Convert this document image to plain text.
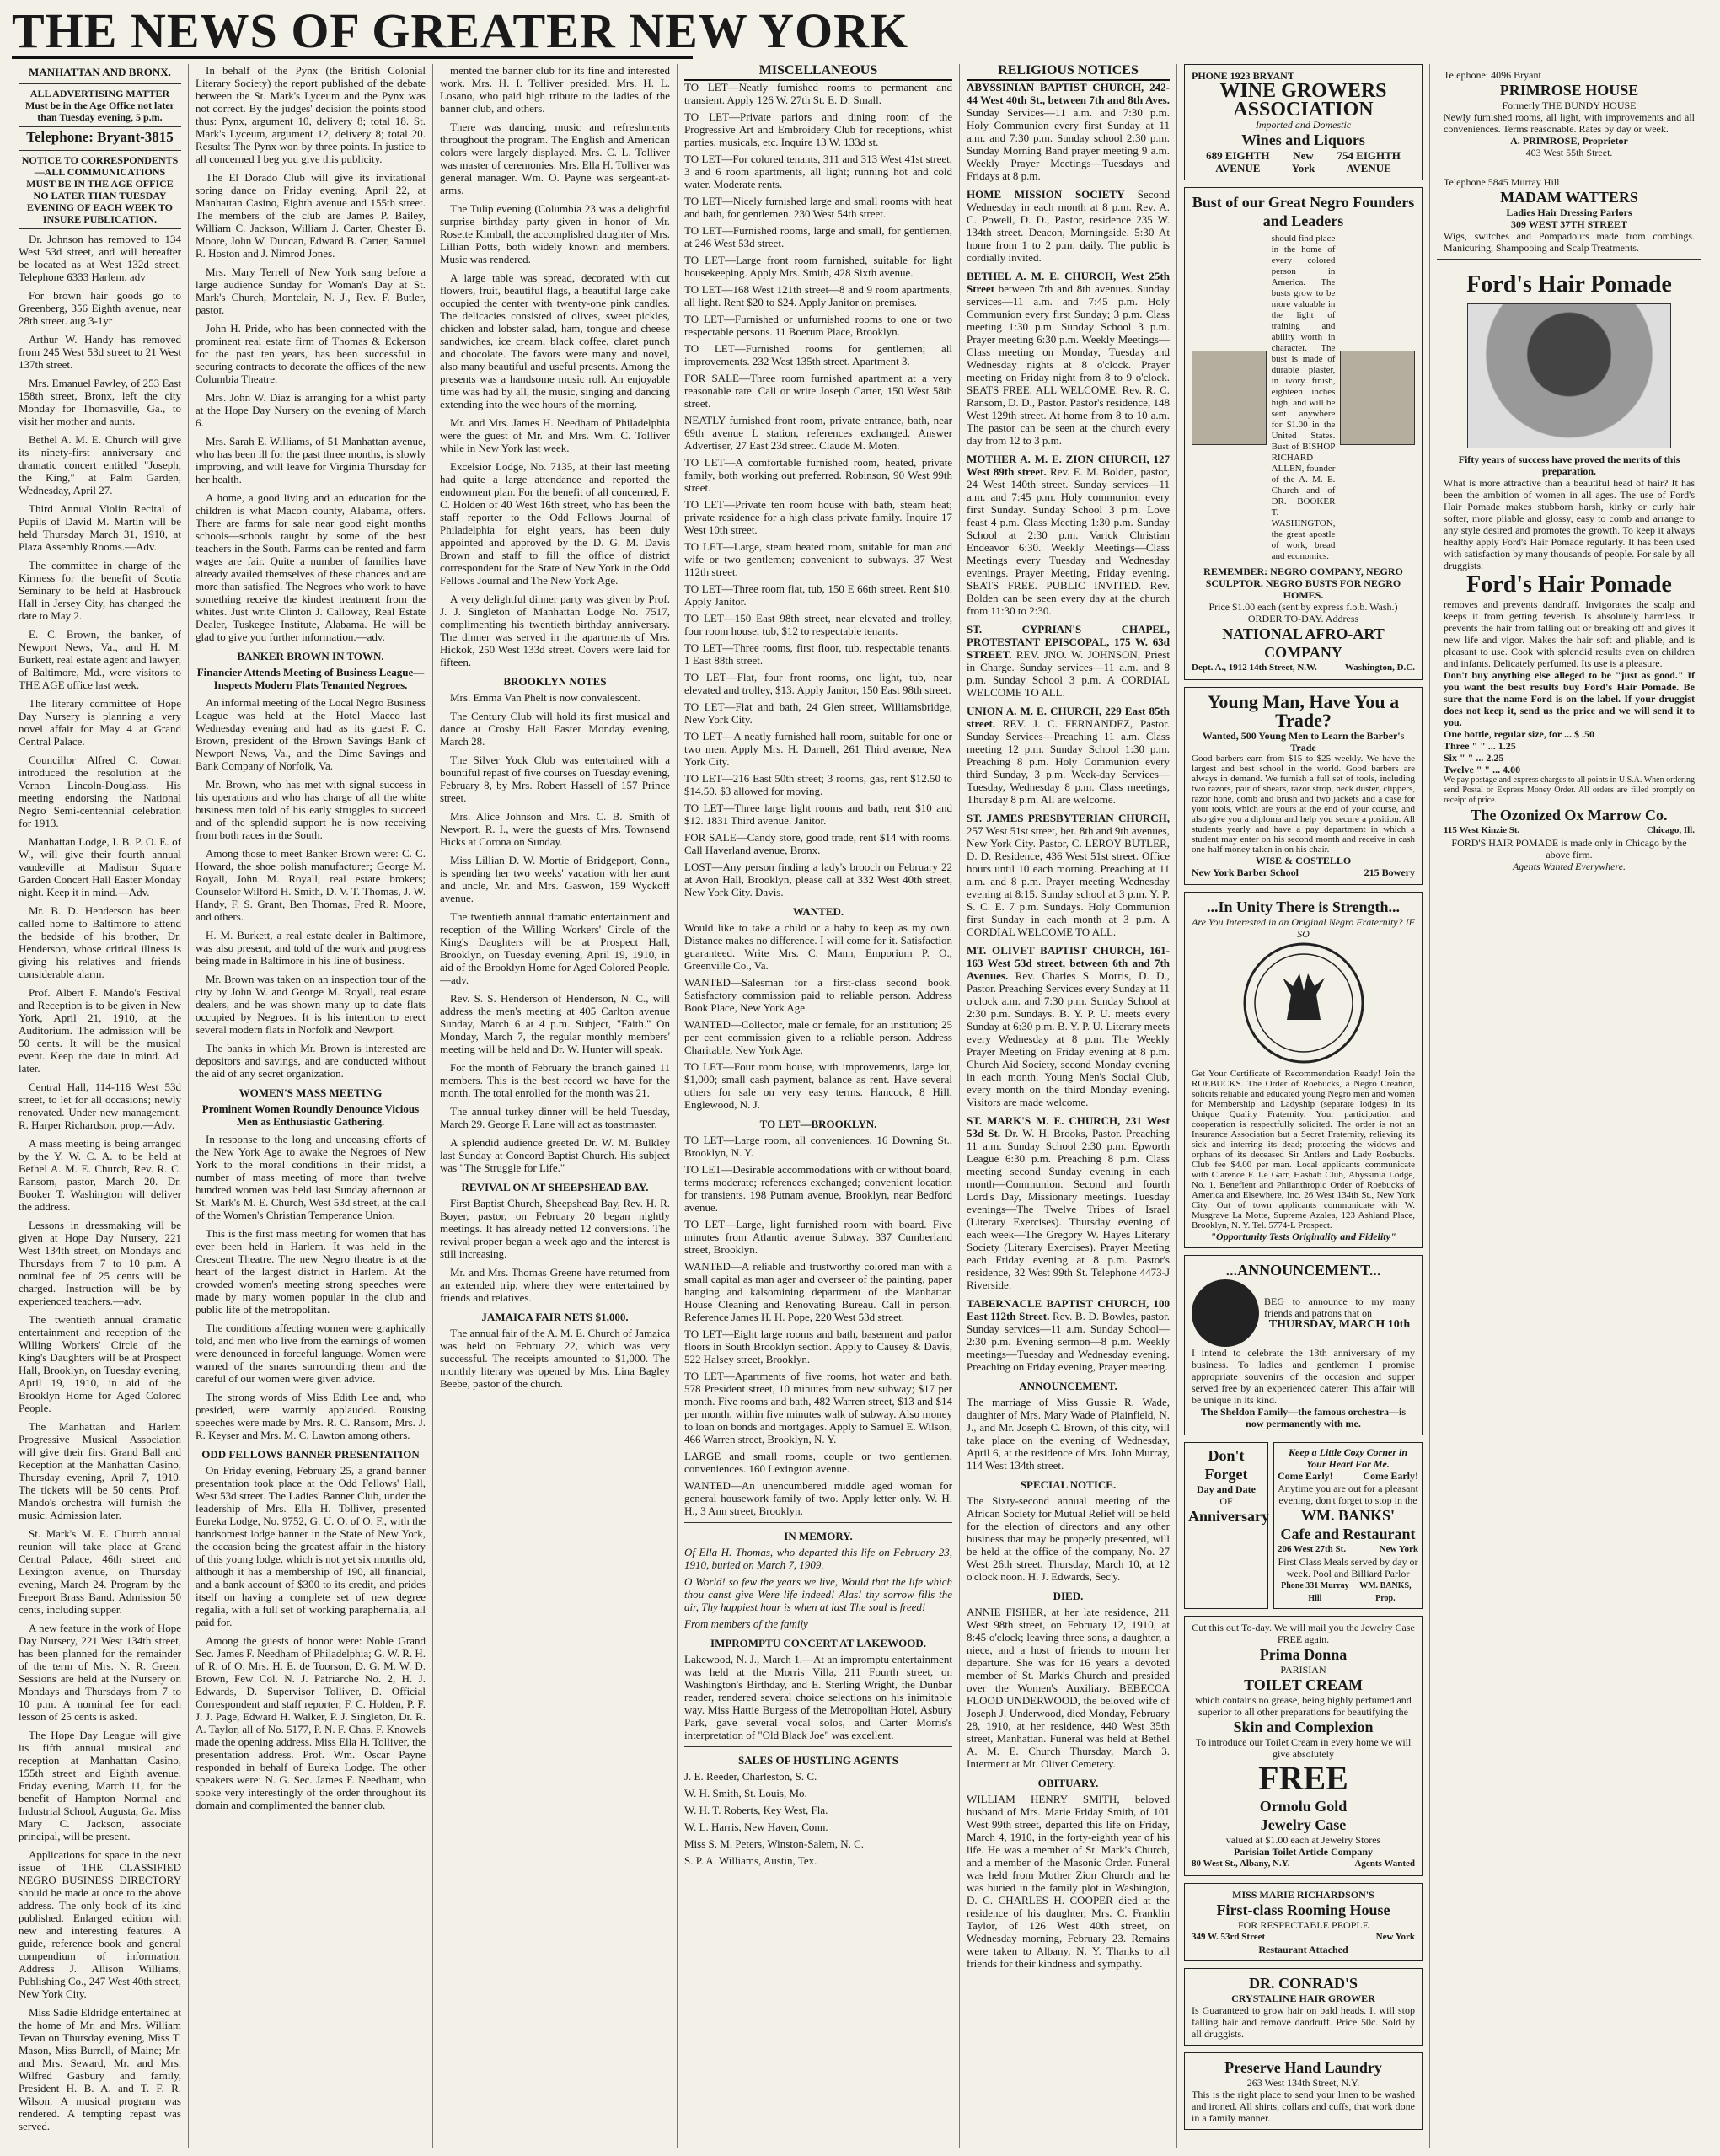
THE NEWS OF GREATER NEW YORK
MANHATTAN AND BRONX.
ALL ADVERTISING MATTER Must be in the Age Office not later than Tuesday evening, 5 p.m.
Telephone: Bryant-3815
NOTICE TO CORRESPONDENTS—ALL COMMUNICATIONS MUST BE IN THE AGE OFFICE NO LATER THAN TUESDAY EVENING OF EACH WEEK TO INSURE PUBLICATION.

Dr. Johnson has removed to 134 West 53d street, and will hereafter be located as at West 132d street. Telephone 6333 Harlem. adv

For brown hair goods go to Greenberg, 356 Eighth avenue, near 28th street. aug 3-1yr

Arthur W. Handy has removed from 245 West 53d street to 21 West 137th street.

Mrs. Emanuel Pawley, of 253 East 158th street, Bronx, left the city Monday for Thomasville, Ga., to visit her mother and aunts.

Bethel A. M. E. Church will give its ninety-first anniversary and dramatic concert entitled "Joseph, the King," at Palm Garden, Wednesday, April 27.

Third Annual Violin Recital of Pupils of David M. Martin will be held Thursday March 31, 1910, at Plaza Assembly Rooms.—Adv.

The committee in charge of the Kirmess for the benefit of Scotia Seminary to be held at Hasbrouck Hall in Jersey City, has changed the date to May 2.

E. C. Brown, the banker, of Newport News, Va., and H. M. Burkett, real estate agent and lawyer, of Baltimore, Md., were visitors to THE AGE office last week.

The literary committee of Hope Day Nursery is planning a very novel affair for May 4 at Grand Central Palace.

Councillor Alfred C. Cowan introduced the resolution at the Vernon Lincoln-Douglass. His meeting endorsing the National Negro Semi-centennial celebration for 1913.

Manhattan Lodge, I. B. P. O. E. of W., will give their fourth annual vaudeville at Madison Square Garden Concert Hall Easter Monday night. Keep it in mind.—Adv.

Mr. B. D. Henderson has been called home to Baltimore to attend the bedside of his brother, Dr. Henderson, whose critical illness is giving his relatives and friends considerable alarm.

Prof. Albert F. Mando's Festival and Reception is to be given in New York, April 21, 1910, at the Auditorium. The admission will be 50 cents. It will be the musical event. Keep the date in mind. Ad. later.

Central Hall, 114-116 West 53d street, to let for all occasions; newly renovated. Under new management. R. Harper Richardson, prop.—Adv.

A mass meeting is being arranged by the Y. W. C. A. to be held at Bethel A. M. E. Church, Rev. R. C. Ransom, pastor, March 20. Dr. Booker T. Washington will deliver the address.

Lessons in dressmaking will be given at Hope Day Nursery, 221 West 134th street, on Mondays and Thursdays from 7 to 10 p.m. A nominal fee of 25 cents will be charged. Instruction will be by experienced teachers.—adv.

The twentieth annual dramatic entertainment and reception of the Willing Workers' Circle of the King's Daughters will be at Prospect Hall, Brooklyn, on Tuesday evening, April 19, 1910, in aid of the Brooklyn Home for Aged Colored People.

The Manhattan and Harlem Progressive Musical Association will give their first Grand Ball and Reception at the Manhattan Casino, Thursday evening, April 7, 1910. The tickets will be 50 cents. Prof. Mando's orchestra will furnish the music. Admission later.

St. Mark's M. E. Church annual reunion will take place at Grand Central Palace, 46th street and Lexington avenue, on Thursday evening, March 24. Program by the Freeport Brass Band. Admission 50 cents, including supper.

A new feature in the work of Hope Day Nursery, 221 West 134th street, has been planned for the remainder of the term of Mrs. N. R. Green. Sessions are held at the Nursery on Mondays and Thursdays from 7 to 10 p.m. A nominal fee for each lesson of 25 cents is asked.

The Hope Day League will give its fifth annual musical and reception at Manhattan Casino, 155th street and Eighth avenue, Friday evening, March 11, for the benefit of Hampton Normal and Industrial School, Augusta, Ga. Miss Mary C. Jackson, associate principal, will be present.

Applications for space in the next issue of THE CLASSIFIED NEGRO BUSINESS DIRECTORY should be made at once to the above address. The only book of its kind published. Enlarged edition with new and interesting features. A guide, reference book and general compendium of information. Address J. Allison Williams, Publishing Co., 247 West 40th street, New York City.

Miss Sadie Eldridge entertained at the home of Mr. and Mrs. William Tevan on Thursday evening, Miss T. Mason, Miss Burrell, of Maine; Mr. and Mrs. Seward, Mr. and Mrs. Wilfred Gasbury and family, President H. B. A. and T. F. R. Wilson. A musical program was rendered. A tempting repast was served.

In behalf of the Pynx (the British Colonial Literary Society) the report published of the debate between the St. Mark's Lyceum and the Pynx was not correct. By the judges' decision the points stood thus: Pynx, argument 10, delivery 8; total 18. St. Mark's Lyceum, argument 12, delivery 8; total 20. Results: The Pynx won by three points. In justice to all concerned I beg you give this publicity.

The El Dorado Club will give its invitational spring dance on Friday evening, April 22, at Manhattan Casino, Eighth avenue and 155th street. The members of the club are James P. Bailey, William C. Jackson, William J. Carter, Chester B. Moore, John W. Duncan, Edward B. Carter, Samuel R. Hoston and J. Nimrod Jones.

Mrs. Mary Terrell of New York sang before a large audience Sunday for Woman's Day at St. Mark's Church, Montclair, N. J., Rev. F. Butler, pastor.

John H. Pride, who has been connected with the prominent real estate firm of Thomas & Eckerson for the past ten years, has been successful in securing contracts to decorate the offices of the new Columbia Theatre.

Mrs. John W. Diaz is arranging for a whist party at the Hope Day Nursery on the evening of March 6.

Mrs. Sarah E. Williams, of 51 Manhattan avenue, who has been ill for the past three months, is slowly improving, and will leave for Virginia Thursday for her health.

A home, a good living and an education for the children is what Macon county, Alabama, offers. There are farms for sale near good eight months schools—schools taught by some of the best teachers in the South. Farms can be rented and farm wages are fair. Quite a number of families have already availed themselves of these chances and are more than satisfied. The Negroes who work to have something receive the kindest treatment from the whites. Just write Clinton J. Calloway, Real Estate Dealer, Tuskegee Institute, Alabama. He will be glad to give you further information.—adv.

BANKER BROWN IN TOWN.
Financier Attends Meeting of Business League—Inspects Modern Flats Tenanted Negroes.

An informal meeting of the Local Negro Business League was held at the Hotel Maceo last Wednesday evening and had as its guest F. C. Brown, president of the Brown Savings Bank of Newport News, Va., and the Dime Savings and Bank Company of Norfolk, Va.

Mr. Brown, who has met with signal success in his operations and who has charge of all the white business men told of his early struggles to succeed and of the splendid support he is now receiving from both races in the South.

Among those to meet Banker Brown were: C. C. Howard, the shoe polish manufacturer; George M. Royall, John M. Royall, real estate brokers; Counselor Wilford H. Smith, D. V. T. Thomas, J. W. Handy, F. S. Grant, Ben Thomas, Fred R. Moore, and others.

H. M. Burkett, a real estate dealer in Baltimore, was also present, and told of the work and progress being made in Baltimore in his line of business.

Mr. Brown was taken on an inspection tour of the city by John W. and George M. Royall, real estate dealers, and he was shown many up to date flats occupied by Negroes. It is his intention to erect several modern flats in Norfolk and Newport.

The banks in which Mr. Brown is interested are depositors and savings, and are conducted without the aid of any secret organization.

WOMEN'S MASS MEETING
Prominent Women Roundly Denounce Vicious Men as Enthusiastic Gathering.

In response to the long and unceasing efforts of the New York Age to awake the Negroes of New York to the moral conditions in their midst, a number of mass meeting of more than twelve hundred women was held last Sunday afternoon at St. Mark's M. E. Church, West 53d street, at the call of the Women's Christian Temperance Union.

This is the first mass meeting for women that has ever been held in Harlem. It was held in the Crescent Theatre. The new Negro theatre is at the heart of the largest district in Harlem. At the crowded women's meeting strong speeches were made by many women popular in the club and public life of the metropolitan.

The conditions affecting women were graphically told, and men who live from the earnings of women were denounced in forceful language. Women were warned of the snares surrounding them and the careful of our women were given advice.

The strong words of Miss Edith Lee and, who presided, were warmly applauded. Rousing speeches were made by Mrs. R. C. Ransom, Mrs. J. R. Keyser and Mrs. M. C. Lawton among others.

ODD FELLOWS BANNER PRESENTATION

On Friday evening, February 25, a grand banner presentation took place at the Odd Fellows' Hall, West 53d street. The Ladies' Banner Club, under the leadership of Mrs. Ella H. Tolliver, presented Eureka Lodge, No. 9752, G. U. O. of O. F., with the handsomest lodge banner in the State of New York, the occasion being the greatest affair in the history of this young lodge, which is not yet six months old, although it has a membership of 190, all financial, and a bank account of $300 to its credit, and prides itself on having a complete set of new degree regalia, with a full set of working paraphernalia, all paid for.

Among the guests of honor were: Noble Grand Sec. James F. Needham of Philadelphia; G. W. R. H. of R. of O. Mrs. H. E. de Toorson, D. G. M. W. D. Brown, Few Col. N. J. Patriarche No. 2, H. J. Edwards, D. Supervisor Tolliver, D. Official Correspondent and staff reporter, F. C. Holden, P. F. J. J. Page, Edward H. Walker, P. J. Singleton, Dr. R. A. Taylor, all of No. 5177, P. N. F. Chas. F. Knowels made the opening address. Miss Ella H. Tolliver, the presentation address. Prof. Wm. Oscar Payne responded in behalf of Eureka Lodge. The other speakers were: N. G. Sec. James F. Needham, who spoke very interestingly of the order throughout its domain and complimented the banner club.

mented the banner club for its fine and interested work. Mrs. H. I. Tolliver presided. Mrs. H. L. Losano, who paid high tribute to the ladies of the banner club, and others.

There was dancing, music and refreshments throughout the program. The English and American colors were largely displayed. Mrs. C. L. Tolliver was master of ceremonies. Mrs. Ella H. Tolliver was general manager. Wm. O. Payne was sergeant-at-arms.

The Tulip evening (Columbia 23 was a delightful surprise birthday party given in honor of Mr. Rosette Kimball, the accomplished daughter of Mrs. Lillian Potts, both widely known and members. Music was rendered.

A large table was spread, decorated with cut flowers, fruit, beautiful flags, a beautiful large cake occupied the center with twenty-one pink candles. The delicacies consisted of olives, sweet pickles, chicken and lobster salad, ham, tongue and cheese sandwiches, ice cream, black coffee, claret punch and chocolate. The favors were many and novel, also many beautiful and useful presents. Among the presents was a handsome music roll. An enjoyable time was had by all, the music, singing and dancing extending into the wee hours of the morning.

Mr. and Mrs. James H. Needham of Philadelphia were the guest of Mr. and Mrs. Wm. C. Tolliver while in New York last week.

Excelsior Lodge, No. 7135, at their last meeting had quite a large attendance and reported the endowment plan. For the benefit of all concerned, F. C. Holden of 40 West 16th street, who has been the staff reporter to the Odd Fellows Journal of Philadelphia for eight years, has been duly appointed and approved by the D. G. M. Davis Brown and staff to fill the office of district correspondent for the State of New York in the Odd Fellows Journal and The New York Age.

A very delightful dinner party was given by Prof. J. J. Singleton of Manhattan Lodge No. 7517, complimenting his twentieth birthday anniversary. The dinner was served in the apartments of Mrs. Hickok, 250 West 133d street. Covers were laid for fifteen.

BROOKLYN NOTES

Mrs. Emma Van Phelt is now convalescent.

The Century Club will hold its first musical and dance at Crosby Hall Easter Monday evening, March 28.

The Silver Yock Club was entertained with a bountiful repast of five courses on Tuesday evening, February 8, by Mrs. Robert Hassell of 157 Prince street.

Mrs. Alice Johnson and Mrs. C. B. Smith of Newport, R. I., were the guests of Mrs. Townsend Hicks at Corona on Sunday.

Miss Lillian D. W. Mortie of Bridgeport, Conn., is spending her two weeks' vacation with her aunt and uncle, Mr. and Mrs. Gaswon, 159 Wyckoff avenue.

The twentieth annual dramatic entertainment and reception of the Willing Workers' Circle of the King's Daughters will be at Prospect Hall, Brooklyn, on Tuesday evening, April 19, 1910, in aid of the Brooklyn Home for Aged Colored People.—adv.

Rev. S. S. Henderson of Henderson, N. C., will address the men's meeting at 405 Carlton avenue Sunday, March 6 at 4 p.m. Subject, "Faith." On Monday, March 7, the regular monthly members' meeting will be held and Dr. W. Hunter will speak.

For the month of February the branch gained 11 members. This is the best record we have for the month. The total enrolled for the month was 21.

The annual turkey dinner will be held Tuesday, March 29. George F. Lane will act as toastmaster.

A splendid audience greeted Dr. W. M. Bulkley last Sunday at Concord Baptist Church. His subject was "The Struggle for Life."

REVIVAL ON AT SHEEPSHEAD BAY.

First Baptist Church, Sheepshead Bay, Rev. H. R. Boyer, pastor, on February 20 began nightly meetings. It has already netted 12 conversions. The revival proper began a week ago and the interest is still increasing.

Mr. and Mrs. Thomas Greene have returned from an extended trip, where they were entertained by friends and relatives.

JAMAICA FAIR NETS $1,000.

The annual fair of the A. M. E. Church of Jamaica was held on February 22, which was very successful. The receipts amounted to $1,000. The monthly literary was opened by Mrs. Lina Bagley Beebe, pastor of the church.

MISCELLANEOUS

TO LET—Neatly furnished rooms to permanent and transient. Apply 126 W. 27th St. E. D. Small.

TO LET—Private parlors and dining room of the Progressive Art and Embroidery Club for receptions, whist parties, musicals, etc. Inquire 13 W. 133d st.

TO LET—For colored tenants, 311 and 313 West 41st street, 3 and 6 room apartments, all light; running hot and cold water. Moderate rents.

TO LET—Nicely furnished large and small rooms with heat and bath, for gentlemen. 230 West 54th street.

TO LET—Furnished rooms, large and small, for gentlemen, at 246 West 53d street.

TO LET—Large front room furnished, suitable for light housekeeping. Apply Mrs. Smith, 428 Sixth avenue.

TO LET—168 West 121th street—8 and 9 room apartments, all light. Rent $20 to $24. Apply Janitor on premises.

TO LET—Furnished or unfurnished rooms to one or two respectable persons. 11 Boerum Place, Brooklyn.

TO LET—Furnished rooms for gentlemen; all improvements. 232 West 135th street. Apartment 3.

FOR SALE—Three room furnished apartment at a very reasonable rate. Call or write Joseph Carter, 150 West 58th street.

NEATLY furnished front room, private entrance, bath, near 69th avenue L station, references exchanged. Answer Advertiser, 27 East 23d street. Claude M. Moten.

TO LET—A comfortable furnished room, heated, private family, both working out preferred. Robinson, 90 West 99th street.

TO LET—Private ten room house with bath, steam heat; private residence for a high class private family. Inquire 17 West 10th street.

TO LET—Large, steam heated room, suitable for man and wife or two gentlemen; convenient to subways. 37 West 112th street.

TO LET—Three room flat, tub, 150 E 66th street. Rent $10. Apply Janitor.

TO LET—150 East 98th street, near elevated and trolley, four room house, tub, $12 to respectable tenants.

TO LET—Three rooms, first floor, tub, respectable tenants. 1 East 88th street.

TO LET—Flat, four front rooms, one light, tub, near elevated and trolley, $13. Apply Janitor, 150 East 98th street.

TO LET—Flat and bath, 24 Glen street, Williamsbridge, New York City.

TO LET—A neatly furnished hall room, suitable for one or two men. Apply Mrs. H. Darnell, 261 Third avenue, New York City.

TO LET—216 East 50th street; 3 rooms, gas, rent $12.50 to $14.50. $3 allowed for moving.

TO LET—Three large light rooms and bath, rent $10 and $12. 1831 Third avenue. Janitor.

FOR SALE—Candy store, good trade, rent $14 with rooms. Call Haverland avenue, Bronx.

LOST—Any person finding a lady's brooch on February 22 at Avon Hall, Brooklyn, please call at 332 West 40th street, New York City. Davis.

WANTED.

Would like to take a child or a baby to keep as my own. Distance makes no difference. I will come for it. Satisfaction guaranteed. Write Mrs. C. Mann, Emporium P. O., Greenville Co., Va.

WANTED—Salesman for a first-class second book. Satisfactory commission paid to reliable person. Address Book Place, New York Age.

WANTED—Collector, male or female, for an institution; 25 per cent commission given to a reliable person. Address Charitable, New York Age.

TO LET—Four room house, with improvements, large lot, $1,000; small cash payment, balance as rent. Have several others for sale on very easy terms. Hancock, 8 Hill, Englewood, N. J.

TO LET—BROOKLYN.

TO LET—Large room, all conveniences, 16 Downing St., Brooklyn, N. Y.

TO LET—Desirable accommodations with or without board, terms moderate; references exchanged; convenient location for transients. 198 Putnam avenue, Brooklyn, near Bedford avenue.

TO LET—Large, light furnished room with board. Five minutes from Atlantic avenue Subway. 337 Cumberland street, Brooklyn.

WANTED—A reliable and trustworthy colored man with a small capital as man ager and overseer of the painting, paper hanging and kalsomining department of the Manhattan House Cleaning and Renovating Bureau. Call in person. Reference James H. H. Pope, 220 West 53d street.

TO LET—Eight large rooms and bath, basement and parlor floors in South Brooklyn section. Apply to Causey & Davis, 522 Halsey street, Brooklyn.

TO LET—Apartments of five rooms, hot water and bath, 578 President street, 10 minutes from new subway; $17 per month. Five rooms and bath, 482 Warren street, $13 and $14 per month, within five minutes walk of subway. Also money to loan on bonds and mortgages. Apply to Samuel E. Wilson, 466 Warren street, Brooklyn, N. Y.

LARGE and small rooms, couple or two gentlemen, conveniences. 160 Lexington avenue.

WANTED—An unencumbered middle aged woman for general housework family of two. Apply letter only. W. H. H., 3 Ann street, Brooklyn.

IN MEMORY.

Of Ella H. Thomas, who departed this life on February 23, 1910, buried on March 7, 1909.

O World! so few the years we live, Would that the life which thou canst give Were life indeed! Alas! thy sorrow fills the air, Thy happiest hour is when at last The soul is freed!

From members of the family

IMPROMPTU CONCERT AT LAKEWOOD.

Lakewood, N. J., March 1.—At an impromptu entertainment was held at the Morris Villa, 211 Fourth street, on Washington's Birthday, and E. Sterling Wright, the Dunbar reader, rendered several choice selections on his inimitable way. Miss Hattie Burgess of the Metropolitan Hotel, Asbury Park, gave several vocal solos, and Carter Morris's interpretation of "Old Black Joe" was excellent.

SALES OF HUSTLING AGENTS

J. E. Reeder, Charleston, S. C.

W. H. Smith, St. Louis, Mo.

W. H. T. Roberts, Key West, Fla.

W. L. Harris, New Haven, Conn.

Miss S. M. Peters, Winston-Salem, N. C.

S. P. A. Williams, Austin, Tex.

RELIGIOUS NOTICES

ABYSSINIAN BAPTIST CHURCH, 242-44 West 40th St., between 7th and 8th Aves. Sunday Services—11 a.m. and 7:30 p.m. Holy Communion every first Sunday at 11 a.m. and 7:30 p.m. Sunday school 2:30 p.m. Sunday Morning Band prayer meeting 9 a.m. Weekly Prayer Meetings—Tuesdays and Fridays at 8 p.m.

HOME MISSION SOCIETY Second Wednesday in each month at 8 p.m. Rev. A. C. Powell, D. D., Pastor, residence 235 W. 134th street. Deacon, Morningside. 5:30 At home from 1 to 2 p.m. daily. The public is cordially invited.

BETHEL A. M. E. CHURCH, West 25th Street between 7th and 8th avenues. Sunday services—11 a.m. and 7:45 p.m. Holy Communion every first Sunday; 3 p.m. Class meeting 1:30 p.m. Sunday School 3 p.m. Prayer meeting 6:30 p.m. Weekly Meetings—Class meeting on Monday, Tuesday and Wednesday nights at 8 o'clock. Prayer meeting on Friday night from 8 to 9 o'clock. SEATS FREE. ALL WELCOME. Rev. R. C. Ransom, D. D., Pastor. Pastor's residence, 148 West 129th street. At home from 8 to 10 a.m. The pastor can be seen at the church every day from 12 to 3 p.m.

MOTHER A. M. E. ZION CHURCH, 127 West 89th street. Rev. E. M. Bolden, pastor, 24 West 140th street. Sunday services—11 a.m. and 7:45 p.m. Holy communion every first Sunday. Sunday School 3 p.m. Love feast 4 p.m. Class Meeting 1:30 p.m. Sunday School at 2:30 p.m. Varick Christian Endeavor 6:30. Weekly Meetings—Class Meetings every Tuesday and Wednesday evenings. Prayer Meeting, Friday evening. SEATS FREE. PUBLIC INVITED. Rev. Bolden can be seen every day at the church from 11:30 to 2:30.

ST. CYPRIAN'S CHAPEL, PROTESTANT EPISCOPAL, 175 W. 63d STREET. REV. JNO. W. JOHNSON, Priest in Charge. Sunday services—11 a.m. and 8 p.m. Sunday School 3 p.m. A CORDIAL WELCOME TO ALL.

UNION A. M. E. CHURCH, 229 East 85th street. REV. J. C. FERNANDEZ, Pastor. Sunday Services—Preaching 11 a.m. Class meeting 12 p.m. Sunday School 1:30 p.m. Preaching 8 p.m. Holy Communion every third Sunday, 3 p.m. Week-day Services—Tuesday, Wednesday 8 p.m. Class meetings, Thursday 8 p.m. All are welcome.

ST. JAMES PRESBYTERIAN CHURCH, 257 West 51st street, bet. 8th and 9th avenues, New York City. Pastor, C. LEROY BUTLER, D. D. Residence, 436 West 51st street. Office hours until 10 each morning. Preaching at 11 a.m. and 8 p.m. Prayer meeting Wednesday evening at 8:15. Sunday school at 3 p.m. Y. P. S. C. E. 7 p.m. Sundays. Holy Communion first Sunday in each month at 3 p.m. A CORDIAL WELCOME TO ALL.

MT. OLIVET BAPTIST CHURCH, 161-163 West 53d street, between 6th and 7th Avenues. Rev. Charles S. Morris, D. D., Pastor. Preaching Services every Sunday at 11 o'clock a.m. and 7:30 p.m. Sunday School at 2:30 p.m. Sundays. B. Y. P. U. meets every Sunday at 6:30 p.m. B. Y. P. U. Literary meets every Wednesday at 8 p.m. The Weekly Prayer Meeting on Friday evening at 8 p.m. Church Aid Society, second Monday evening in each month. Young Men's Social Club, every month on the third Monday evening. Visitors are made welcome.

ST. MARK'S M. E. CHURCH, 231 West 53d St. Dr. W. H. Brooks, Pastor. Preaching 11 a.m. Sunday School 2:30 p.m. Epworth League 6:30 p.m. Preaching 8 p.m. Class meeting second Sunday evening in each month—Communion. Second and fourth Lord's Day, Missionary meetings. Tuesday evenings—The Twelve Tribes of Israel (Literary Exercises). Thursday evening of each week—The Gregory W. Hayes Literary Society (Literary Exercises). Prayer Meeting each Friday evening at 8 p.m. Pastor's residence, 32 West 99th St. Telephone 4473-J Riverside.

TABERNACLE BAPTIST CHURCH, 100 East 112th Street. Rev. B. D. Bowles, pastor. Sunday services—11 a.m. Sunday School—2:30 p.m. Evening sermon—8 p.m. Weekly meetings—Tuesday and Wednesday evening. Preaching on Friday evening, Prayer meeting.

ANNOUNCEMENT.

The marriage of Miss Gussie R. Wade, daughter of Mrs. Mary Wade of Plainfield, N. J., and Mr. Joseph C. Brown, of this city, will take place on the evening of Wednesday, April 6, at the residence of Mrs. John Murray, 114 West 134th street.

SPECIAL NOTICE.

The Sixty-second annual meeting of the African Society for Mutual Relief will be held for the election of directors and any other business that may be properly presented, will be held at the office of the company, No. 27 West 26th street, Thursday, March 10, at 12 o'clock noon. H. J. Edwards, Sec'y.

DIED.

ANNIE FISHER, at her late residence, 211 West 98th street, on February 12, 1910, at 8:45 o'clock; leaving three sons, a daughter, a niece, and a host of friends to mourn her departure. She was for 16 years a devoted member of St. Mark's Church and presided over the Women's Auxiliary. BEBECCA FLOOD UNDERWOOD, the beloved wife of Joseph J. Underwood, died Monday, February 28, 1910, at her residence, 440 West 35th street, Manhattan. Funeral was held at Bethel A. M. E. Church Thursday, March 3. Interment at Mt. Olivet Cemetery.

OBITUARY.

WILLIAM HENRY SMITH, beloved husband of Mrs. Marie Friday Smith, of 101 West 99th street, departed this life on Friday, March 4, 1910, in the forty-eighth year of his life. He was a member of St. Mark's Church, and a member of the Masonic Order. Funeral was held from Mother Zion Church and he was buried in the family plot in Washington, D. C. CHARLES H. COOPER died at the residence of his daughter, Mrs. C. Franklin Taylor, of 126 West 40th street, on Wednesday morning, February 23. Remains were taken to Albany, N. Y. Thanks to all friends for their kindness and sympathy.

PHONE 1923 BRYANT
WINE GROWERS ASSOCIATION
Imported and Domestic
Wines and Liquors
689 EIGHTH AVENUE
New York
754 EIGHTH AVENUE
Bust of our Great Negro Founders and Leaders
should find place in the home of every colored person in America. The busts grow to be more valuable in the light of training and ability worth in character. The bust is made of durable plaster, in ivory finish, eighteen inches high, and will be sent anywhere for $1.00 in the United States. Bust of BISHOP RICHARD ALLEN, founder of the A. M. E. Church and of DR. BOOKER T. WASHINGTON, the great apostle of work, bread and economics.
REMEMBER: NEGRO COMPANY, NEGRO SCULPTOR. NEGRO BUSTS FOR NEGRO HOMES.
Price $1.00 each (sent by express f.o.b. Wash.)
ORDER TO-DAY. Address
NATIONAL AFRO-ART COMPANY
Dept. A., 1912 14th Street, N.W.	Washington, D.C.
Young Man, Have You a Trade?
Wanted, 500 Young Men to Learn the Barber's Trade
Good barbers earn from $15 to $25 weekly. We have the largest and best school in the world. Good barbers are always in demand. We furnish a full set of tools, including two razors, pair of shears, razor strop, neck duster, clippers, razor hone, comb and brush and two jackets and a case for your tools, which are yours at the end of your course, and also give you a diploma and help you secure a position. All students yearly and have a pay department in which a student may enter on his second month and receive in cash one-half money taken in on his chair.
WISE & COSTELLO
New York Barber School	215 Bowery
...In Unity There is Strength...
Are You Interested in an Original Negro Fraternity? IF SO
Get Your Certificate of Recommendation Ready! Join the ROEBUCKS. The Order of Roebucks, a Negro Creation, solicits reliable and educated young Negro men and women for Membership and Ladyship (separate lodges) in its Unique Quality Fraternity. Your participation and cooperation is respectfully solicited. The order is not an Insurance Association but a Secret Fraternity, relieving its sick and interring its dead; protecting the widows and orphans of its deceased Sir Antlers and Lady Roebucks. Club fee $4.00 per man. Local applicants communicate with Clarence F. Le Garr, Hashab Club, Abyssinia Lodge, No. 1, Benefient and Philanthropic Order of Roebucks of America and Elsewhere, Inc. 26 West 134th St., New York City. Out of town applicants communicate with W. Musgrave La Motte, Supreme Azalea, 123 Ashland Place, Brooklyn, N. Y. Tel. 5774-L Prospect.
"Opportunity Tests Originality and Fidelity"
...ANNOUNCEMENT...
BEG to announce to my many friends and patrons that on
THURSDAY, MARCH 10th
I intend to celebrate the 13th anniversary of my business. To ladies and gentlemen I promise appropriate souvenirs of the occasion and supper served free by an experienced caterer. This affair will be unique in its kind.
The Sheldon Family—the famous orchestra—is now permanently with me.
Don't Forget
Day and Date
OF
Anniversary
Keep a Little Cozy Corner in Your Heart For Me.
Come Early!	Come Early!
Anytime you are out for a pleasant evening, don't forget to stop in the
WM. BANKS'
Cafe and Restaurant
206 West 27th St.	New York
First Class Meals served by day or week. Pool and Billiard Parlor
Phone 331 Murray Hill
WM. BANKS, Prop.
Cut this out To-day. We will mail you the Jewelry Case FREE again.
Prima Donna
PARISIAN
TOILET CREAM
which contains no grease, being highly perfumed and superior to all other preparations for beautifying the
Skin and Complexion
To introduce our Toilet Cream in every home we will give absolutely
FREE
Ormolu Gold
Jewelry Case
valued at $1.00 each at Jewelry Stores
Parisian Toilet Article Company
80 West St., Albany, N.Y.	Agents Wanted
MISS MARIE RICHARDSON'S
First-class Rooming House
FOR RESPECTABLE PEOPLE
349 W. 53rd Street	New York
Restaurant Attached
DR. CONRAD'S
CRYSTALINE HAIR GROWER
Is Guaranteed to grow hair on bald heads. It will stop falling hair and remove dandruff. Price 50c. Sold by all druggists.
Preserve Hand Laundry
263 West 134th Street, N.Y.
This is the right place to send your linen to be washed and ironed. All shirts, collars and cuffs, that work done in a family manner.
Telephone: 4096 Bryant
PRIMROSE HOUSE
Formerly THE BUNDY HOUSE
Newly furnished rooms, all light, with improvements and all conveniences. Terms reasonable. Rates by day or week.
A. PRIMROSE, Proprietor
403 West 55th Street.
Telephone 5845 Murray Hill
MADAM WATTERS
Ladies Hair Dressing Parlors
309 WEST 37TH STREET
Wigs, switches and Pompadours made from combings. Manicuring, Shampooing and Scalp Treatments.
Ford's Hair Pomade
Fifty years of success have proved the merits of this preparation.
What is more attractive than a beautiful head of hair? It has been the ambition of women in all ages. The use of Ford's Hair Pomade makes stubborn harsh, kinky or curly hair softer, more pliable and glossy, easy to comb and arrange to any style desired and promotes the growth. To keep it always healthy apply Ford's Hair Pomade regularly. It has been used with satisfaction by many thousands of people. For sale by all druggists.
Ford's Hair Pomade
removes and prevents dandruff. Invigorates the scalp and keeps it from getting feverish. Is absolutely harmless. It prevents the hair from falling out or breaking off and gives it new life and vigor. Makes the hair soft and pliable, and is pleasant to use. Cook with splendid results even on children and infants. Delicately perfumed. Its use is a pleasure.
Don't buy anything else alleged to be "just as good." If you want the best results buy Ford's Hair Pomade. Be sure that the name Ford is on the label. If your druggist does not keep it, send us the price and we will send it to you.
One bottle, regular size, for ... $ .50
Three " " ... 1.25
Six " " ... 2.25
Twelve " " ... 4.00
We pay postage and express charges to all points in U.S.A. When ordering send Postal or Express Money Order. All orders are filled promptly on receipt of price.
The Ozonized Ox Marrow Co.
115 West Kinzie St.	Chicago, Ill.
FORD'S HAIR POMADE is made only in Chicago by the above firm.
Agents Wanted Everywhere.
